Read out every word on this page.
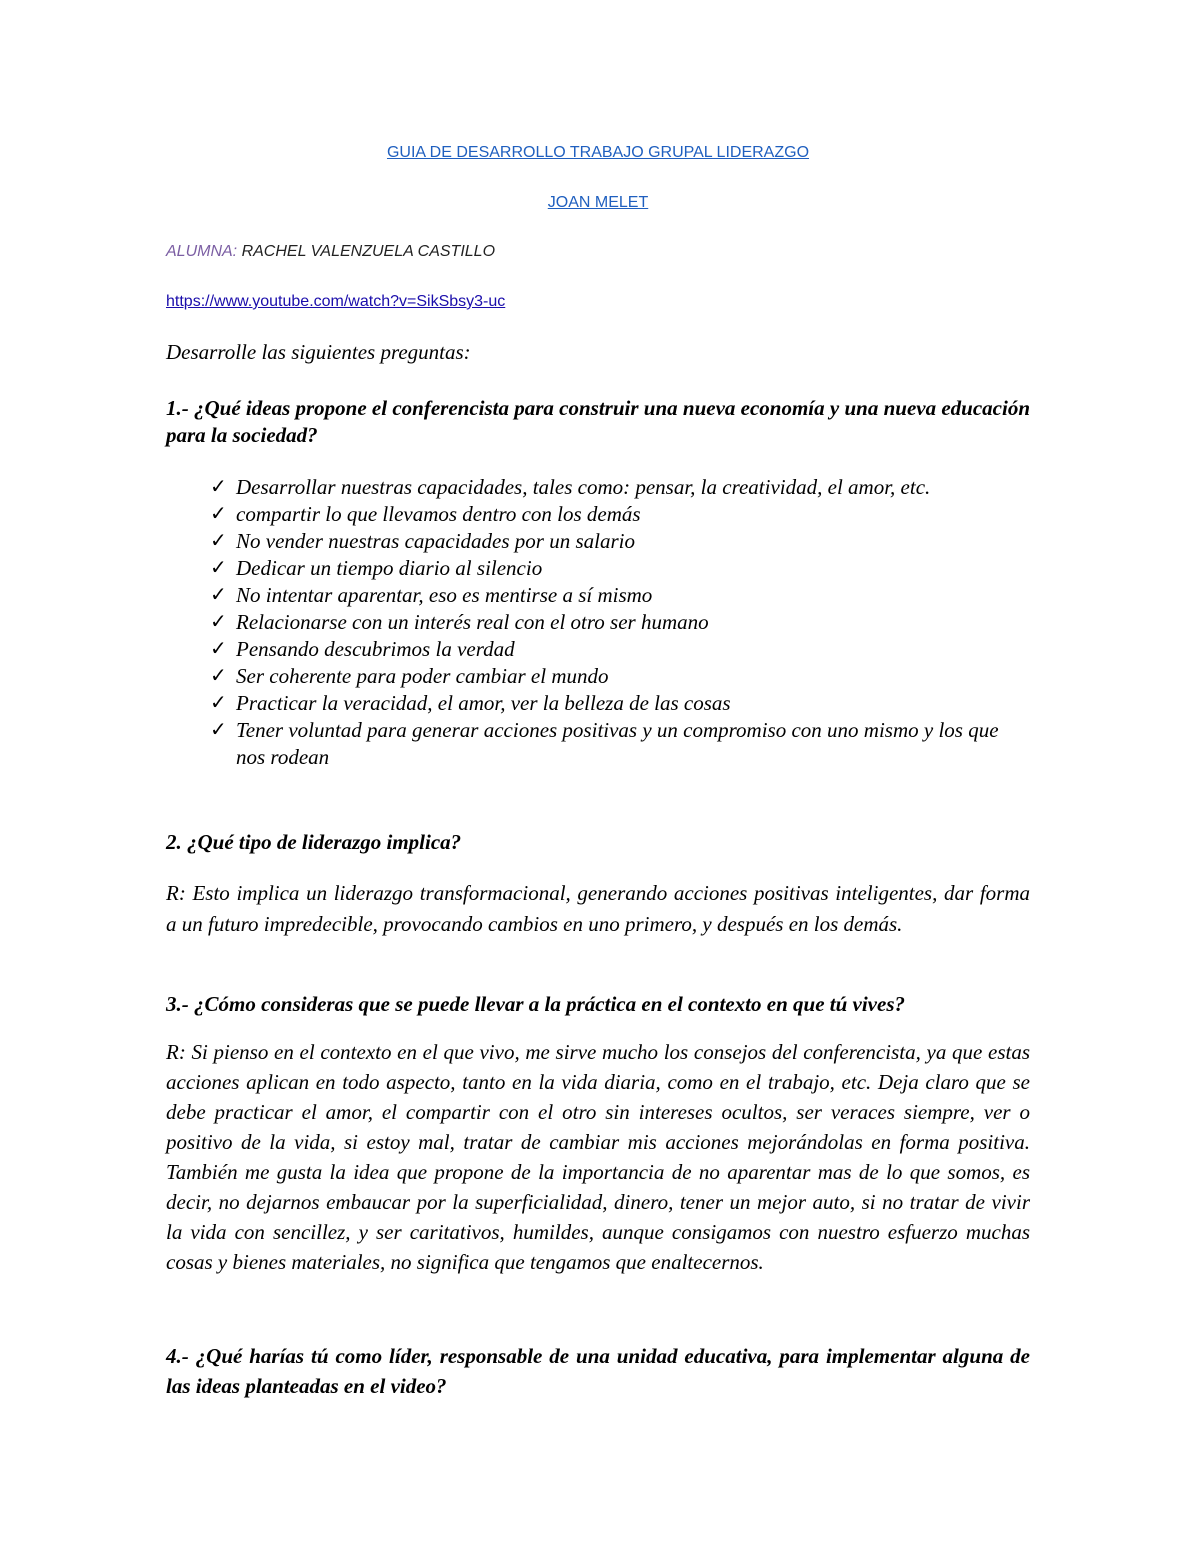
GUIA DE DESARROLLO TRABAJO GRUPAL LIDERAZGO
JOAN MELET
ALUMNA: RACHEL VALENZUELA CASTILLO
https://www.youtube.com/watch?v=SikSbsy3-uc
Desarrolle las siguientes preguntas:
1.- ¿Qué ideas propone el conferencista para construir una nueva economía y una nueva educación para la sociedad?
✓ Desarrollar nuestras capacidades, tales como: pensar, la creatividad, el amor, etc.
✓ compartir lo que llevamos dentro con los demás
✓ No vender nuestras capacidades por un salario
✓ Dedicar un tiempo diario al silencio
✓ No intentar aparentar, eso es mentirse a sí mismo
✓ Relacionarse con un interés real con el otro ser humano
✓ Pensando descubrimos la verdad
✓ Ser coherente para poder cambiar el mundo
✓ Practicar la veracidad, el amor, ver la belleza de las cosas
✓ Tener voluntad para generar acciones positivas y un compromiso con uno mismo y los que nos rodean
2. ¿Qué tipo de liderazgo implica?
R: Esto implica un liderazgo transformacional, generando acciones positivas inteligentes, dar forma a un futuro impredecible, provocando cambios en uno primero, y después en los demás.
3.- ¿Cómo consideras que se puede llevar a la práctica en el contexto en que tú vives?
R: Si pienso en el contexto en el que vivo, me sirve mucho los consejos del conferencista, ya que estas acciones aplican en todo aspecto, tanto en la vida diaria, como en el trabajo, etc. Deja claro que se debe practicar el amor, el compartir con el otro sin intereses ocultos, ser veraces siempre, ver o positivo de la vida, si estoy mal, tratar de cambiar mis acciones mejorándolas en forma positiva. También me gusta la idea que propone de la importancia de no aparentar mas de lo que somos, es decir, no dejarnos embaucar por la superficialidad, dinero, tener un mejor auto, si no tratar de vivir la vida con sencillez, y ser caritativos, humildes, aunque consigamos con nuestro esfuerzo muchas cosas y bienes materiales, no significa que tengamos que enaltecernos.
4.- ¿Qué harías tú como líder, responsable de una unidad educativa, para implementar alguna de las ideas planteadas en el video?
